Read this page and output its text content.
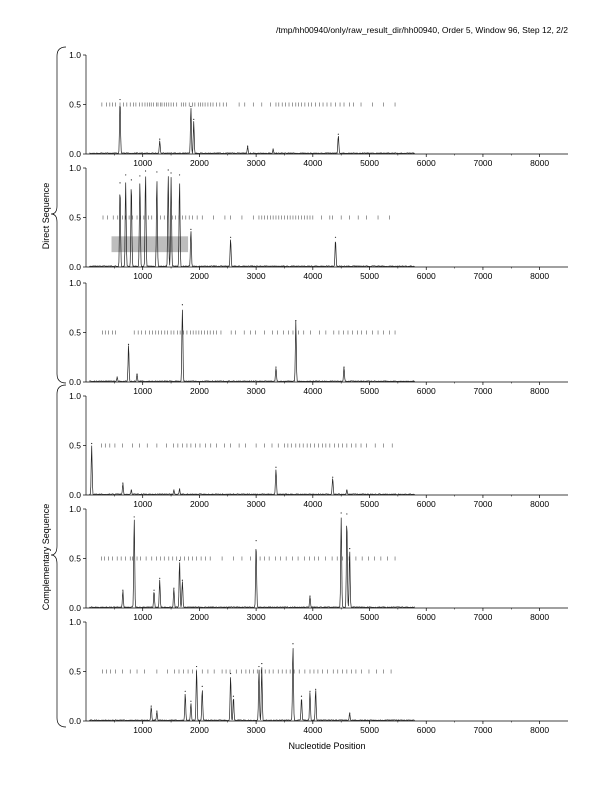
/tmp/hh00940/only/raw_result_dir/hh00940, Order 5, Window 96, Step 12, 2/2
0.0
0.5
1.0
1000	2000	3000	4000	5000	6000	7000	8000
0.0
0.5
1.0
1000	2000	3000	4000	5000	6000	7000	8000
0.0
0.5
1.0
1000	2000	3000	4000	5000	6000	7000	8000
0.0
0.5
1.0
1000	2000	3000	4000	5000	6000	7000	8000
0.0
0.5
1.0
1000	2000	3000	4000	5000	6000	7000	8000
0.0
0.5
1.0
1000	2000	3000	4000	5000	6000	7000	8000
Direct Sequence
Complementary Sequence
Nucleotide Position
